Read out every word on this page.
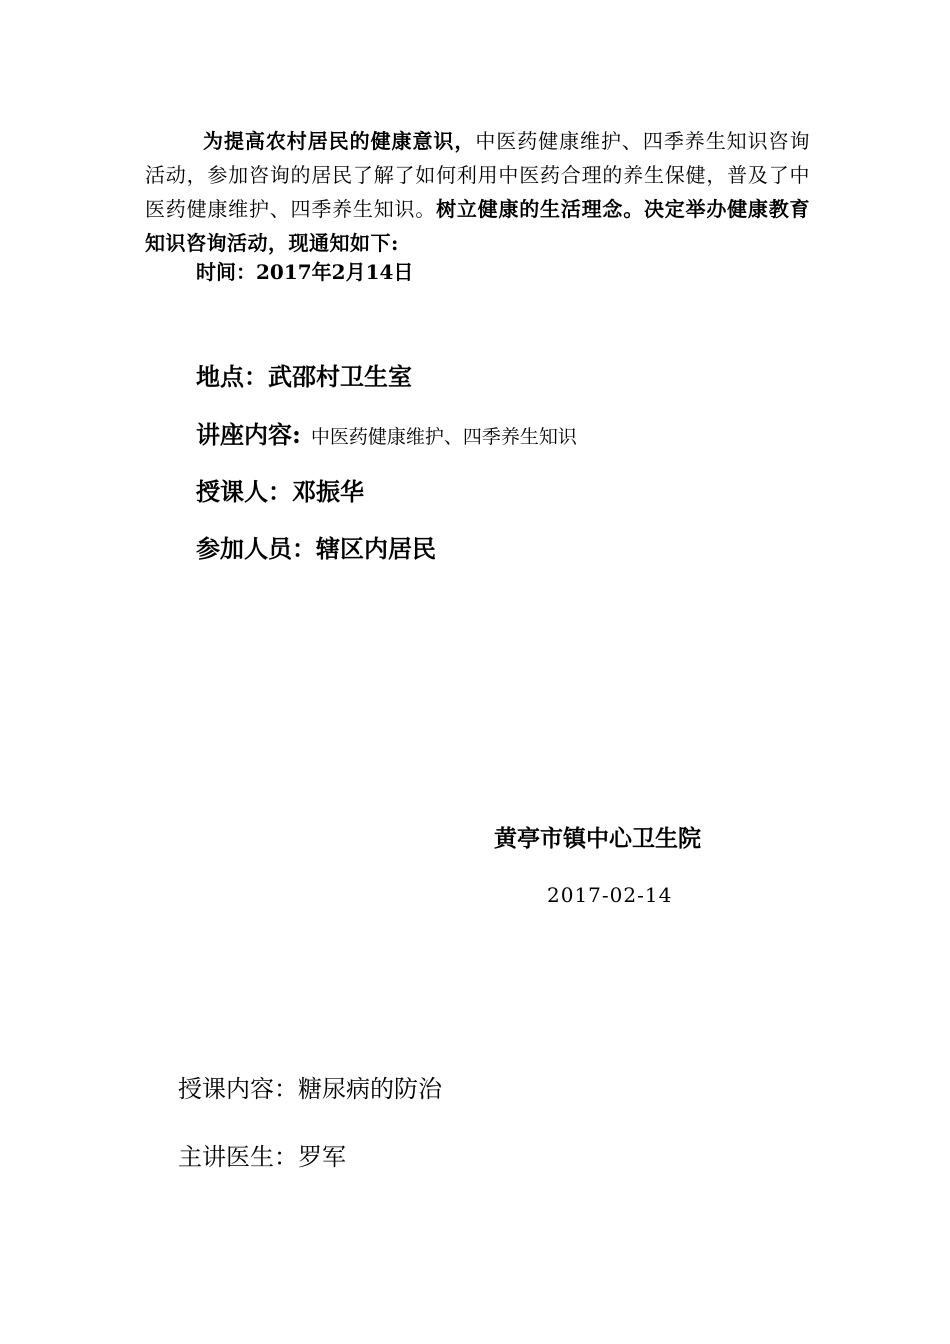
为提高农村居民的健康意识，中医药健康维护、四季养生知识咨询活动，参加咨询的居民了解了如何利用中医药合理的养生保健，普及了中医药健康维护、四季养生知识。树立健康的生活理念。决定举办健康教育知识咨询活动，现通知如下:

时间：2017年2月14日
地点：武邵村卫生室
讲座内容: 中医药健康维护、四季养生知识
授课人：邓振华
参加人员：辖区内居民
黄亭市镇中心卫生院
2017-02-14
授课内容：糖尿病的防治
主讲医生：罗军
